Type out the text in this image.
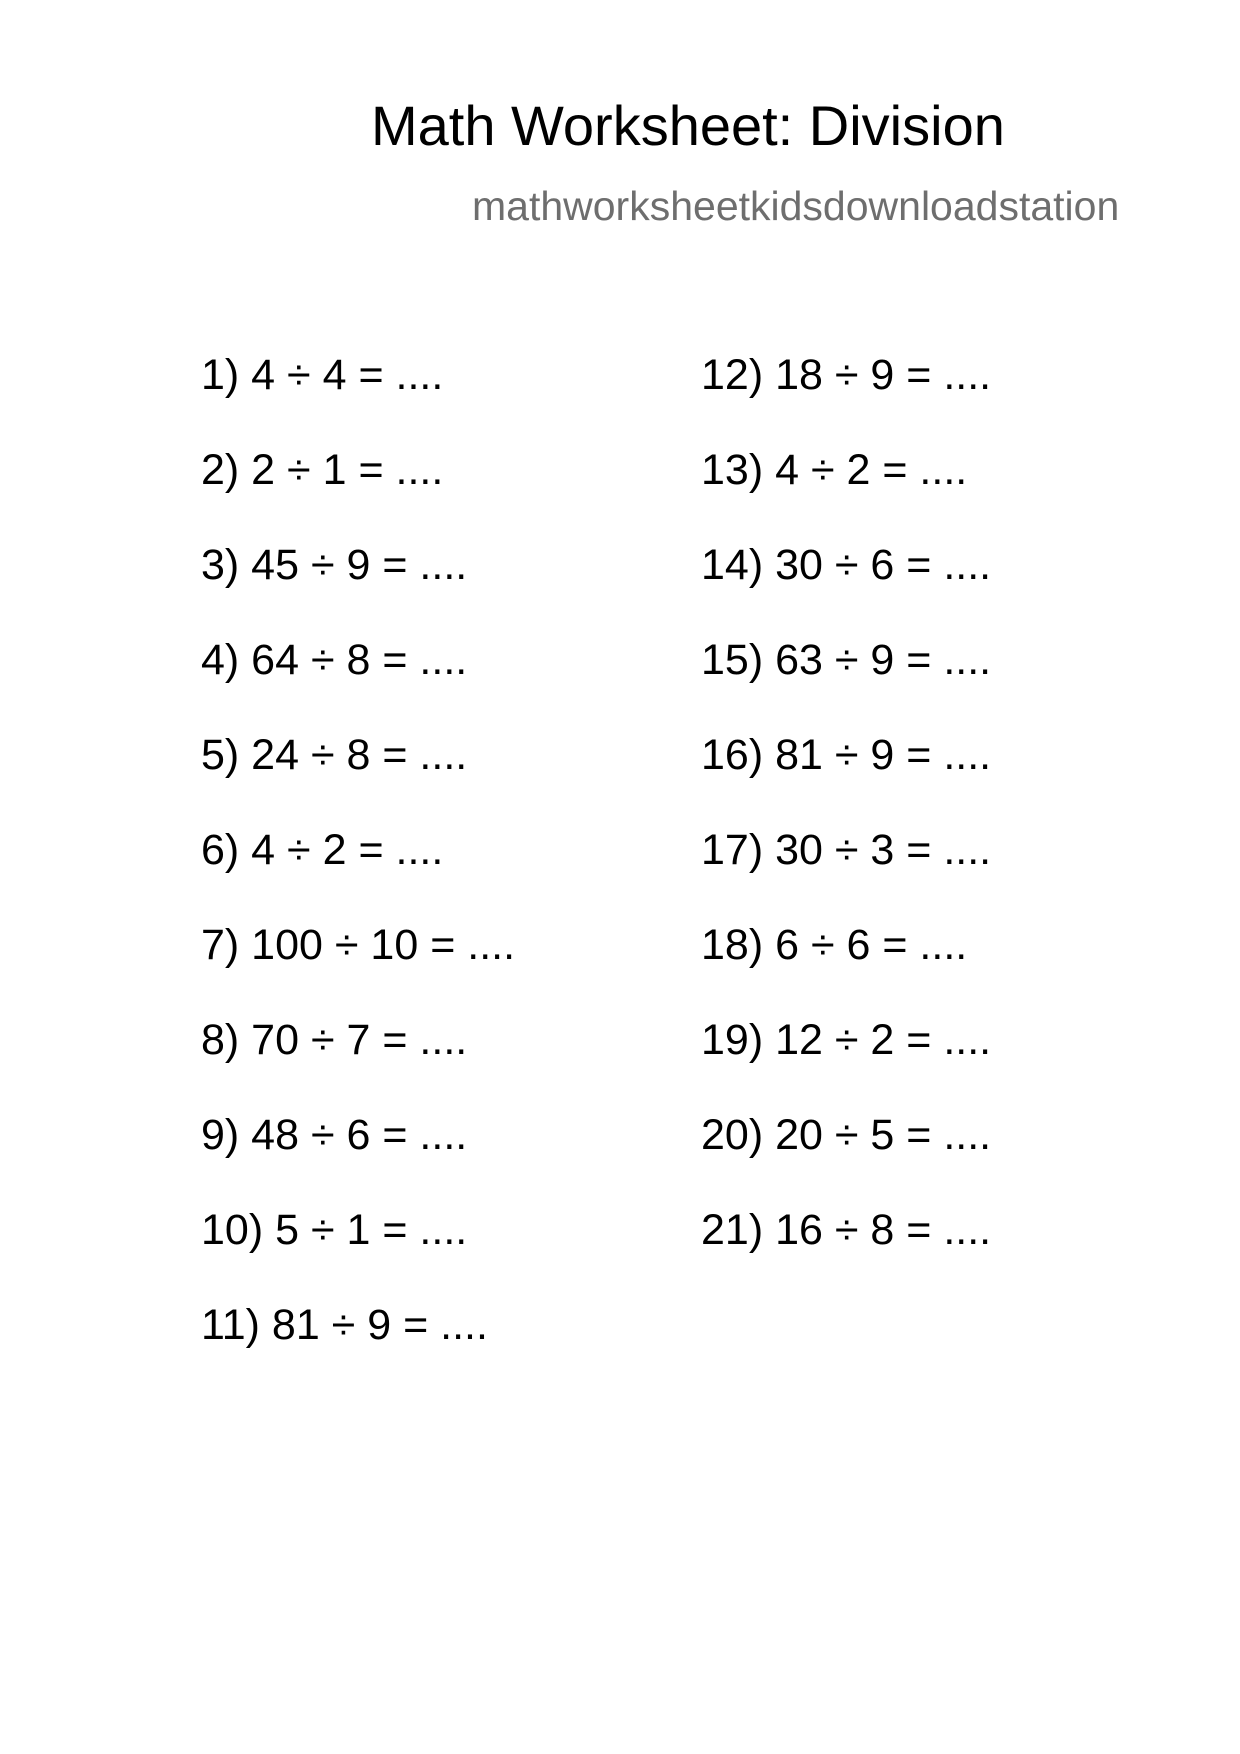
Math Worksheet: Division
mathworksheetkidsdownloadstation
1) 4 ÷ 4 = ....
2) 2 ÷ 1 = ....
3) 45 ÷ 9 = ....
4) 64 ÷ 8 = ....
5) 24 ÷ 8 = ....
6) 4 ÷ 2 = ....
7) 100 ÷ 10 = ....
8) 70 ÷ 7 = ....
9) 48 ÷ 6 = ....
10) 5 ÷ 1 = ....
11) 81 ÷ 9 = ....
12) 18 ÷ 9 = ....
13) 4 ÷ 2 = ....
14) 30 ÷ 6 = ....
15) 63 ÷ 9 = ....
16) 81 ÷ 9 = ....
17) 30 ÷ 3 = ....
18) 6 ÷ 6 = ....
19) 12 ÷ 2 = ....
20) 20 ÷ 5 = ....
21) 16 ÷ 8 = ....
